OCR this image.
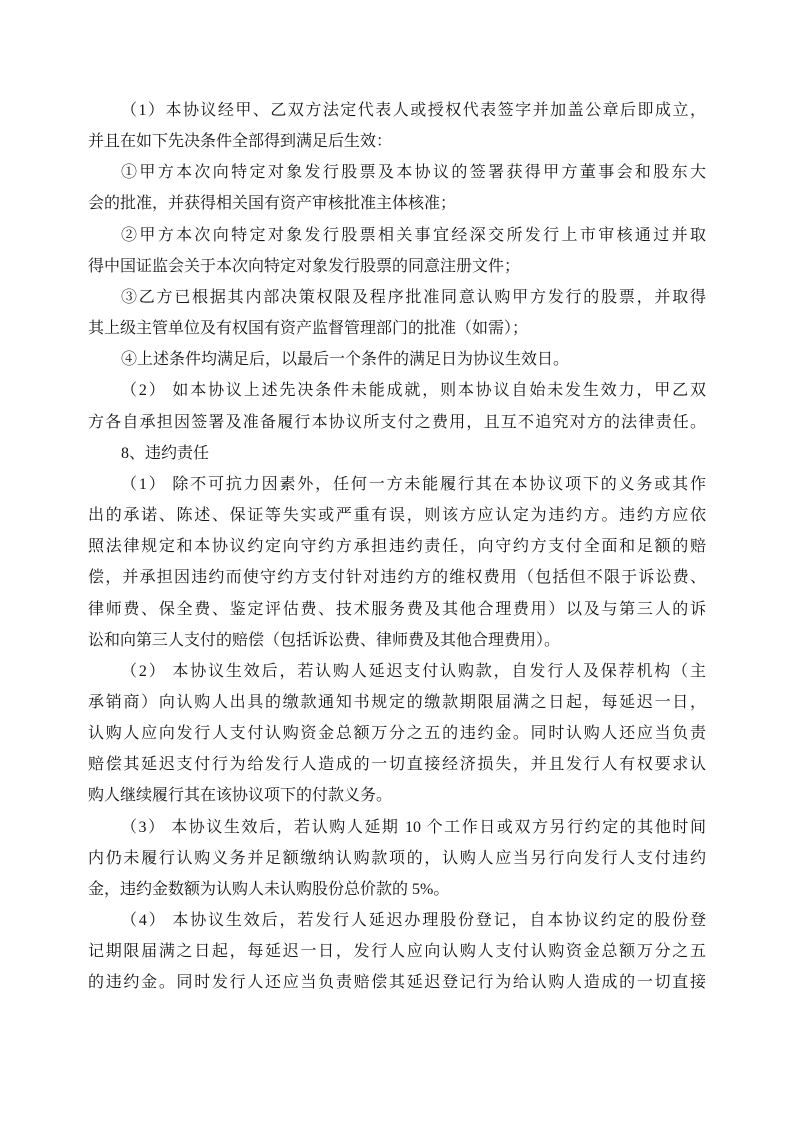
（1）本协议经甲、乙双方法定代表人或授权代表签字并加盖公章后即成立，
并且在如下先决条件全部得到满足后生效：
①甲方本次向特定对象发行股票及本协议的签署获得甲方董事会和股东大
会的批准，并获得相关国有资产审核批准主体核准；
②甲方本次向特定对象发行股票相关事宜经深交所发行上市审核通过并取
得中国证监会关于本次向特定对象发行股票的同意注册文件；
③乙方已根据其内部决策权限及程序批准同意认购甲方发行的股票，并取得
其上级主管单位及有权国有资产监督管理部门的批准（如需）；
④上述条件均满足后，以最后一个条件的满足日为协议生效日。
（2） 如本协议上述先决条件未能成就，则本协议自始未发生效力，甲乙双
方各自承担因签署及准备履行本协议所支付之费用，且互不追究对方的法律责任。
8、违约责任
（1） 除不可抗力因素外，任何一方未能履行其在本协议项下的义务或其作
出的承诺、陈述、保证等失实或严重有误，则该方应认定为违约方。违约方应依
照法律规定和本协议约定向守约方承担违约责任，向守约方支付全面和足额的赔
偿，并承担因违约而使守约方支付针对违约方的维权费用（包括但不限于诉讼费、
律师费、保全费、鉴定评估费、技术服务费及其他合理费用）以及与第三人的诉
讼和向第三人支付的赔偿（包括诉讼费、律师费及其他合理费用）。
（2） 本协议生效后，若认购人延迟支付认购款，自发行人及保荐机构（主
承销商）向认购人出具的缴款通知书规定的缴款期限届满之日起，每延迟一日，
认购人应向发行人支付认购资金总额万分之五的违约金。同时认购人还应当负责
赔偿其延迟支付行为给发行人造成的一切直接经济损失，并且发行人有权要求认
购人继续履行其在该协议项下的付款义务。
（3） 本协议生效后，若认购人延期 10 个工作日或双方另行约定的其他时间
内仍未履行认购义务并足额缴纳认购款项的，认购人应当另行向发行人支付违约
金，违约金数额为认购人未认购股份总价款的 5%。
（4） 本协议生效后，若发行人延迟办理股份登记，自本协议约定的股份登
记期限届满之日起，每延迟一日，发行人应向认购人支付认购资金总额万分之五
的违约金。同时发行人还应当负责赔偿其延迟登记行为给认购人造成的一切直接
